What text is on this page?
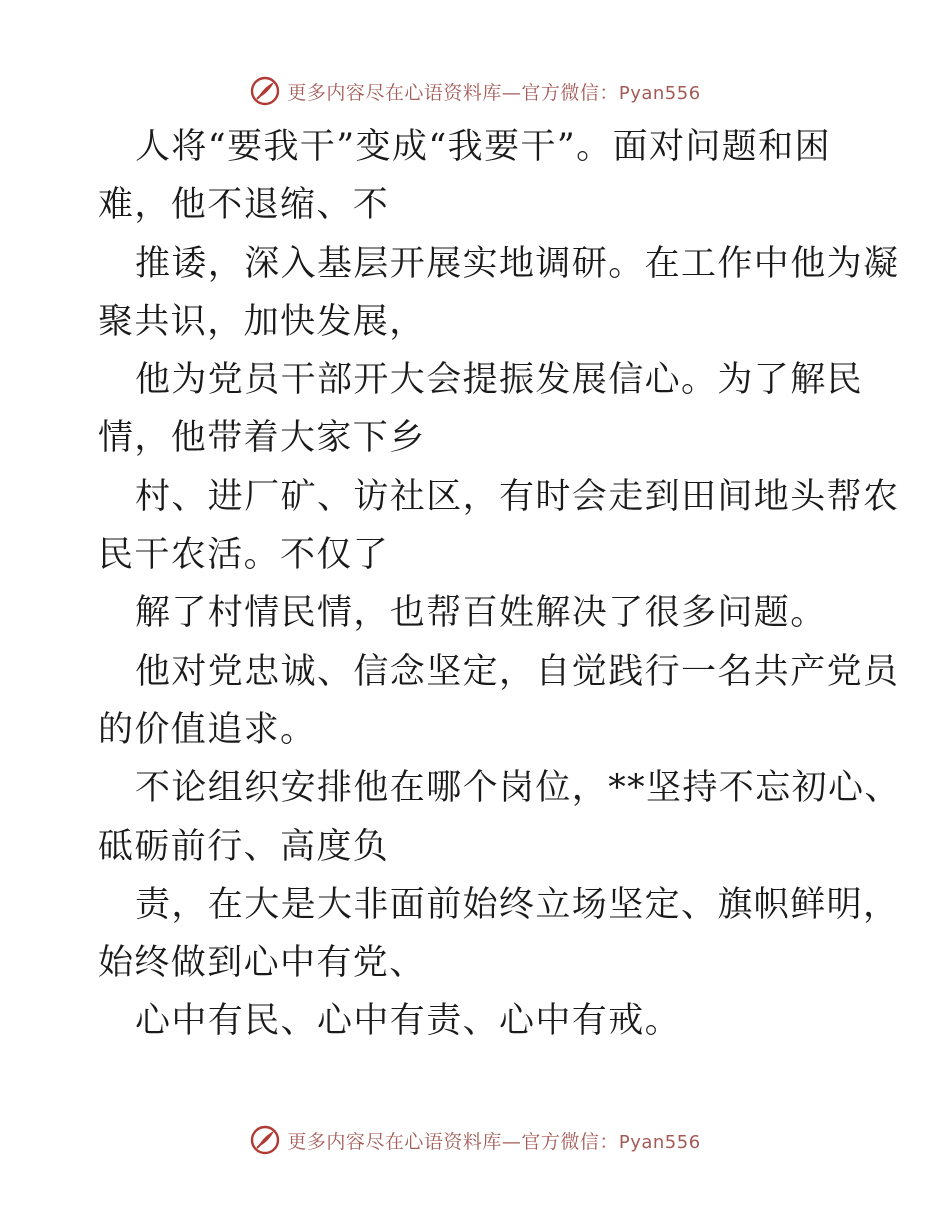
更多内容尽在心语资料库—官方微信：Pyan556
人将“要我干”变成“我要干”。面对问题和困
难，他不退缩、不
推诿，深入基层开展实地调研。在工作中他为凝
聚共识，加快发展，
他为党员干部开大会提振发展信心。为了解民
情，他带着大家下乡
村、进厂矿、访社区，有时会走到田间地头帮农
民干农活。不仅了
解了村情民情，也帮百姓解决了很多问题。
他对党忠诚、信念坚定，自觉践行一名共产党员
的价值追求。
不论组织安排他在哪个岗位，**坚持不忘初心、
砥砺前行、高度负
责，在大是大非面前始终立场坚定、旗帜鲜明，
始终做到心中有党、
心中有民、心中有责、心中有戒。
更多内容尽在心语资料库—官方微信：Pyan556
